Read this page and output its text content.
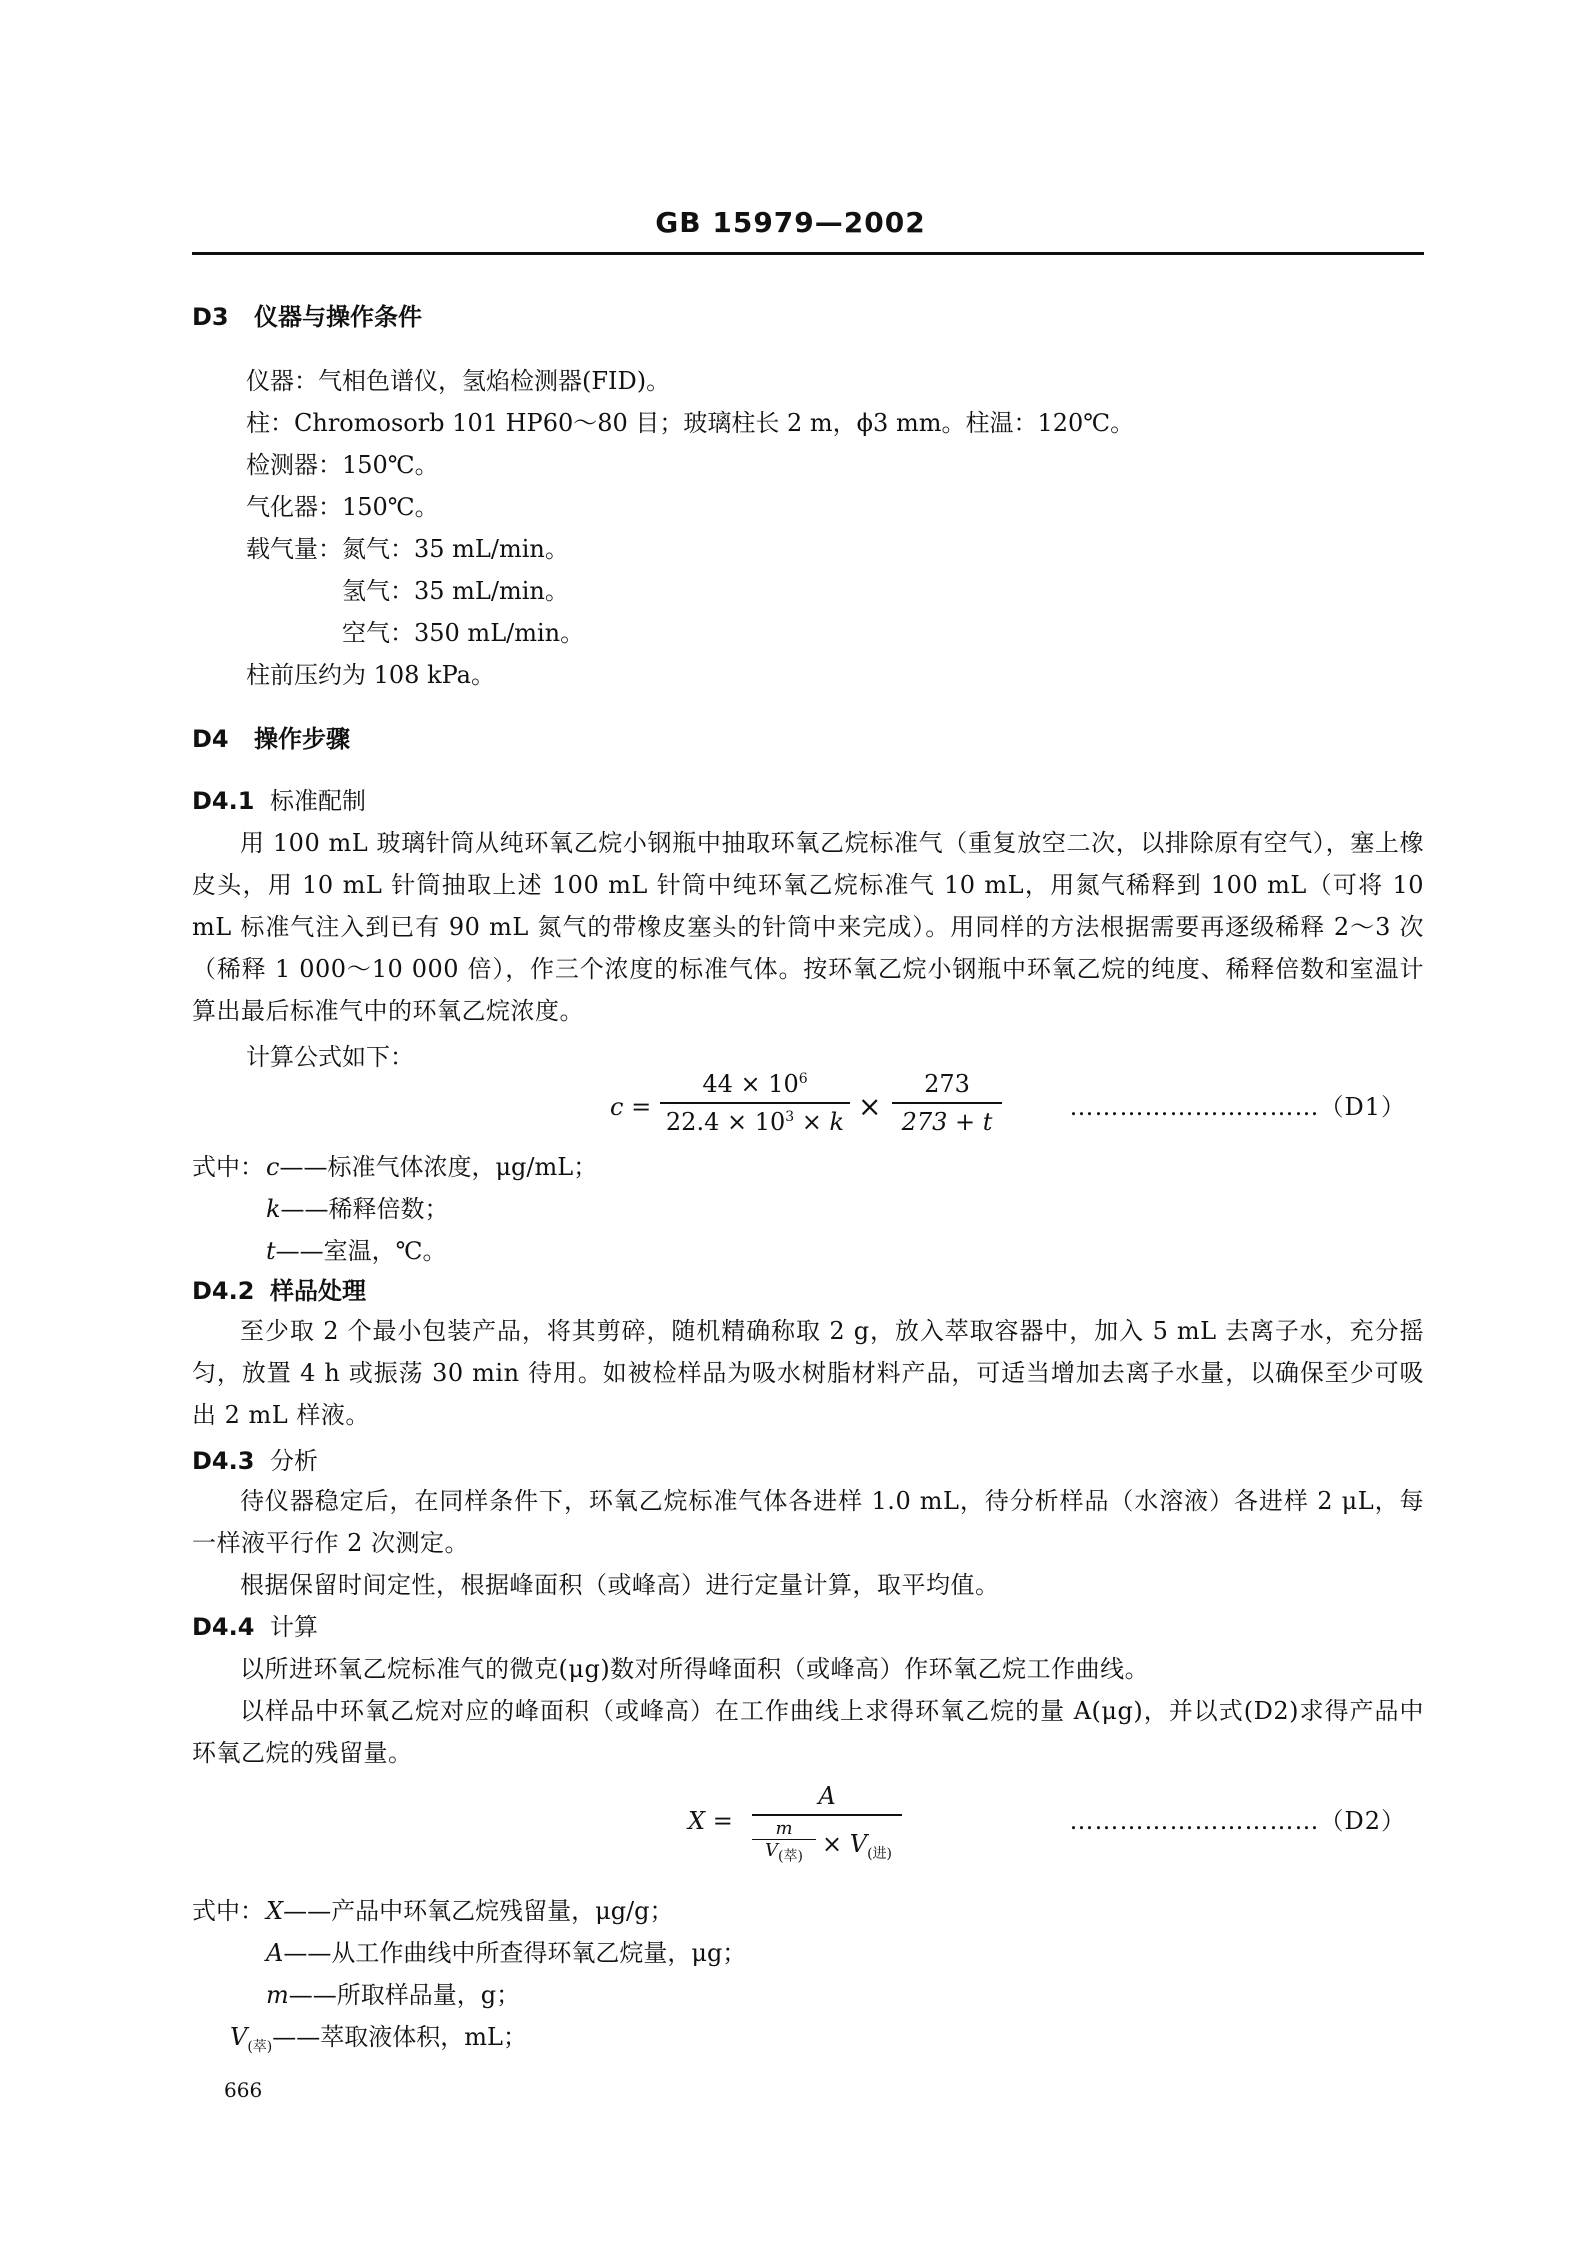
GB 15979—2002
D3 仪器与操作条件
仪器：气相色谱仪，氢焰检测器(FID)。
柱：Chromosorb 101 HP60～80 目；玻璃柱长 2 m，ϕ3 mm。柱温：120℃。
检测器：150℃。
气化器：150℃。
载气量：氮气：35 mL/min。
氢气：35 mL/min。
空气：350 mL/min。
柱前压约为 108 kPa。
D4 操作步骤
D4.1 标准配制
用 100 mL 玻璃针筒从纯环氧乙烷小钢瓶中抽取环氧乙烷标准气（重复放空二次，以排除原有空气），塞上橡皮头，用 10 mL 针筒抽取上述 100 mL 针筒中纯环氧乙烷标准气 10 mL，用氮气稀释到 100 mL（可将 10 mL 标准气注入到已有 90 mL 氮气的带橡皮塞头的针筒中来完成）。用同样的方法根据需要再逐级稀释 2～3 次（稀释 1 000～10 000 倍），作三个浓度的标准气体。按环氧乙烷小钢瓶中环氧乙烷的纯度、稀释倍数和室温计算出最后标准气中的环氧乙烷浓度。
计算公式如下：
c =
$44 \times 10^6$
$22.4 \times 10^3 \times k$ ×
273
273 + t
…………………………（D1）
式中： c——标准气体浓度，μg/mL；
k——稀释倍数；
t——室温，℃。
D4.2 样品处理
至少取 2 个最小包装产品，将其剪碎，随机精确称取 2 g，放入萃取容器中，加入 5 mL 去离子水，充分摇匀，放置 4 h 或振荡 30 min 待用。如被检样品为吸水树脂材料产品，可适当增加去离子水量，以确保至少可吸出 2 mL 样液。
D4.3 分析
待仪器稳定后，在同样条件下，环氧乙烷标准气体各进样 1.0 mL，待分析样品（水溶液）各进样 2 μL，每一样液平行作 2 次测定。
根据保留时间定性，根据峰面积（或峰高）进行定量计算，取平均值。
D4.4 计算
以所进环氧乙烷标准气的微克(μg)数对所得峰面积（或峰高）作环氧乙烷工作曲线。
以样品中环氧乙烷对应的峰面积（或峰高）在工作曲线上求得环氧乙烷的量 A(μg)，并以式(D2)求得产品中环氧乙烷的残留量。
X =
A
m
$V_{(萃)} \times V_{(进)}$
…………………………（D2）
式中： X——产品中环氧乙烷残留量，μg/g；
A——从工作曲线中所查得环氧乙烷量，μg；
m——所取样品量，g；
$V_{(萃)}——$萃取液体积，mL；
666
